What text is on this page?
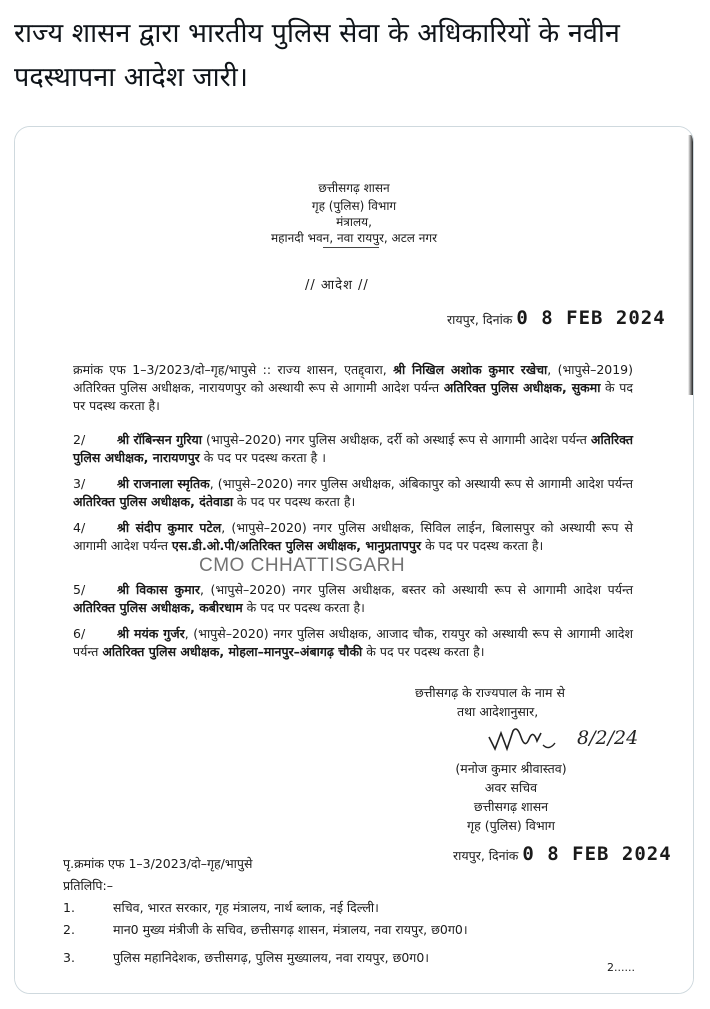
राज्य शासन द्वारा भारतीय पुलिस सेवा के अधिकारियों के नवीन पदस्थापना आदेश जारी।
छत्तीसगढ़ शासन
गृह (पुलिस) विभाग
मंत्रालय,
महानदी भवन, नवा रायपुर, अटल नगर
// आदेश //
रायपुर, दिनांक 0 8 FEB 2024
क्रमांक एफ 1–3/2023/दो–गृह/भापुसे :: राज्य शासन, एतद्द्वारा, श्री निखिल अशोक कुमार रखेचा, (भापुसे–2019) अतिरिक्त पुलिस अधीक्षक, नारायणपुर को अस्थायी रूप से आगामी आदेश पर्यन्त अतिरिक्त पुलिस अधीक्षक, सुकमा के पद पर पदस्थ करता है।
2/	श्री रॉबिन्सन गुरिया (भापुसे–2020) नगर पुलिस अधीक्षक, दर्री को अस्थाई रूप से आगामी आदेश पर्यन्त अतिरिक्त पुलिस अधीक्षक, नारायणपुर के पद पर पदस्थ करता है ।
3/	श्री राजनाला स्मृतिक, (भापुसे–2020) नगर पुलिस अधीक्षक, अंबिकापुर को अस्थायी रूप से आगामी आदेश पर्यन्त अतिरिक्त पुलिस अधीक्षक, दंतेवाडा के पद पर पदस्थ करता है।
4/	श्री संदीप कुमार पटेल, (भापुसे–2020) नगर पुलिस अधीक्षक, सिविल लाईन, बिलासपुर को अस्थायी रूप से आगामी आदेश पर्यन्त एस.डी.ओ.पी/अतिरिक्त पुलिस अधीक्षक, भानुप्रतापपुर के पद पर पदस्थ करता है।
5/	श्री विकास कुमार, (भापुसे–2020) नगर पुलिस अधीक्षक, बस्तर को अस्थायी रूप से आगामी आदेश पर्यन्त अतिरिक्त पुलिस अधीक्षक, कबीरधाम के पद पर पदस्थ करता है।
6/	श्री मयंक गुर्जर, (भापुसे–2020) नगर पुलिस अधीक्षक, आजाद चौक, रायपुर को अस्थायी रूप से आगामी आदेश पर्यन्त अतिरिक्त पुलिस अधीक्षक, मोहला–मानपुर–अंबागढ़ चौकी के पद पर पदस्थ करता है।
CMO CHHATTISGARH
छत्तीसगढ़ के राज्यपाल के नाम से
तथा आदेशानुसार,
8/2/24
(मनोज कुमार श्रीवास्तव)
अवर सचिव
छत्तीसगढ़ शासन
गृह (पुलिस) विभाग
पृ.क्रमांक एफ 1–3/2023/दो–गृह/भापुसे
रायपुर, दिनांक 0 8 FEB 2024
प्रतिलिपि:–
1.	सचिव, भारत सरकार, गृह मंत्रालय, नार्थ ब्लाक, नई दिल्ली।
2.	मान0 मुख्य मंत्रीजी के सचिव, छत्तीसगढ़ शासन, मंत्रालय, नवा रायपुर, छ0ग0।
3.	पुलिस महानिदेशक, छत्तीसगढ़, पुलिस मुख्यालय, नवा रायपुर, छ0ग0।
2......
